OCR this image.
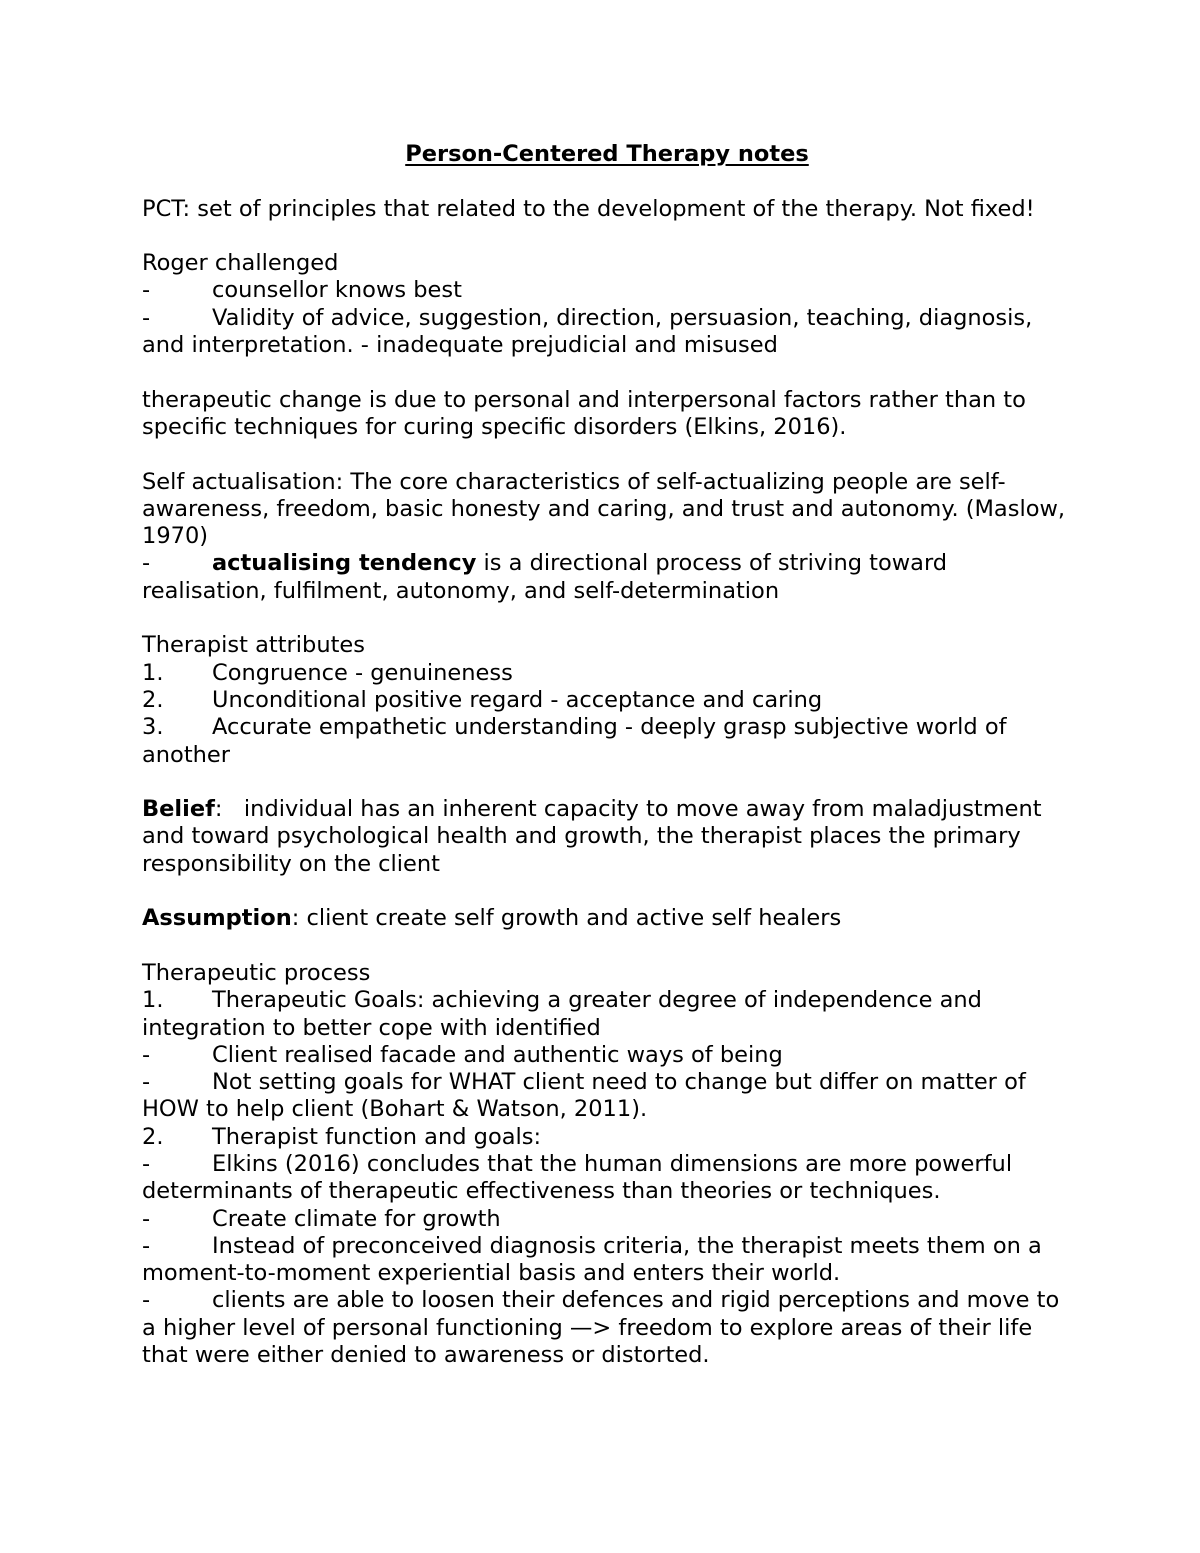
Person-Centered Therapy notes

PCT: set of principles that related to the development of the therapy. Not fixed!

Roger challenged
-	counsellor knows best
-	Validity of advice, suggestion, direction, persuasion, teaching, diagnosis, and interpretation. - inadequate prejudicial and misused

therapeutic change is due to personal and interpersonal factors rather than to specific techniques for curing specific disorders (Elkins, 2016).

Self actualisation: The core characteristics of self-actualizing people are self-awareness, freedom, basic honesty and caring, and trust and autonomy. (Maslow, 1970)
-	actualising tendency is a directional process of striving toward realisation, fulfilment, autonomy, and self-determination

Therapist attributes
1. Congruence - genuineness
2. Unconditional positive regard - acceptance and caring
3. Accurate empathetic understanding - deeply grasp subjective world of another

Belief:   individual has an inherent capacity to move away from maladjustment and toward psychological health and growth, the therapist places the primary responsibility on the client

Assumption: client create self growth and active self healers

Therapeutic process
1. Therapeutic Goals: achieving a greater degree of independence and integration to better cope with identified
-	Client realised facade and authentic ways of being
-	Not setting goals for WHAT client need to change but differ on matter of HOW to help client (Bohart & Watson, 2011).
2. Therapist function and goals:
-	Elkins (2016) concludes that the human dimensions are more powerful determinants of therapeutic effectiveness than theories or techniques.
-	Create climate for growth
-	Instead of preconceived diagnosis criteria, the therapist meets them on a moment-to-moment experiential basis and enters their world.
-	clients are able to loosen their defences and rigid perceptions and move to a higher level of personal functioning —> freedom to explore areas of their life that were either denied to awareness or distorted.
